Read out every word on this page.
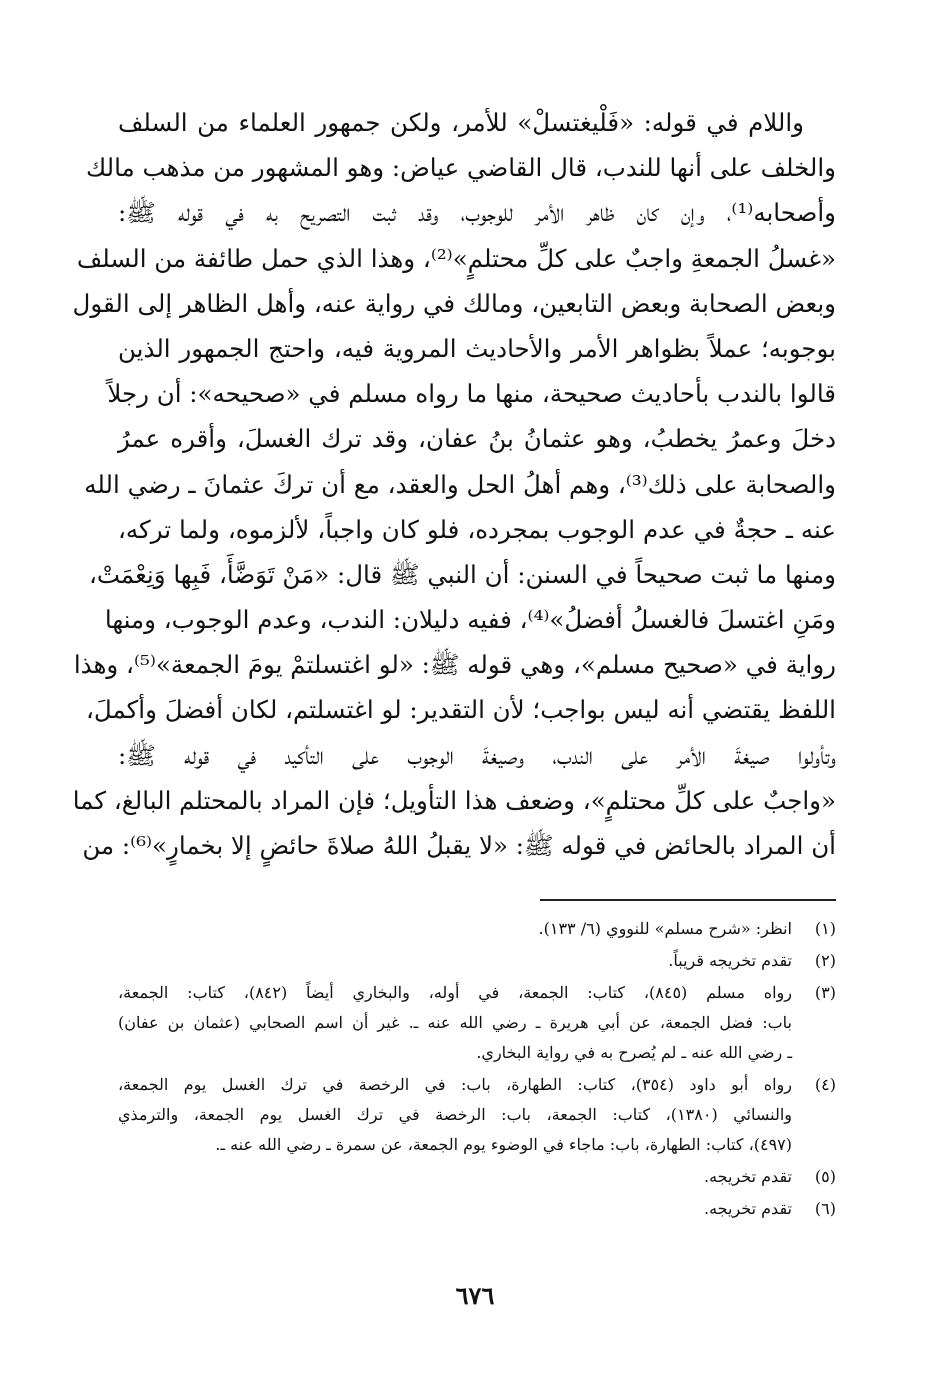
واللام في قوله: «فَلْيغتسلْ» للأمر، ولكن جمهور العلماء من السلف
والخلف على أنها للندب، قال القاضي عياض: وهو المشهور من مذهب مالك
وأصحابه⁽¹⁾، وإن كان ظاهر الأمر للوجوب، وقد ثبت التصريح به في قوله ﷺ:
«غسلُ الجمعةِ واجبٌ على كلِّ محتلمٍ»⁽²⁾، وهذا الذي حمل طائفة من السلف
وبعض الصحابة وبعض التابعين، ومالك في رواية عنه، وأهل الظاهر إلى القول
بوجوبه؛ عملاً بظواهر الأمر والأحاديث المروية فيه، واحتج الجمهور الذين
قالوا بالندب بأحاديث صحيحة، منها ما رواه مسلم في «صحيحه»: أن رجلاً
دخلَ وعمرُ يخطبُ، وهو عثمانُ بنُ عفان، وقد ترك الغسلَ، وأقره عمرُ
والصحابة على ذلك⁽³⁾، وهم أهلُ الحل والعقد، مع أن تركَ عثمانَ ـ رضي الله
عنه ـ حجةٌ في عدم الوجوب بمجرده، فلو كان واجباً، لألزموه، ولما تركه،
ومنها ما ثبت صحيحاً في السنن: أن النبي ﷺ قال: «مَنْ تَوَضَّأَ، فَبِها وَنِعْمَتْ،
ومَنِ اغتسلَ فالغسلُ أفضلُ»⁽⁴⁾، ففيه دليلان: الندب، وعدم الوجوب، ومنها
رواية في «صحيح مسلم»، وهي قوله ﷺ: «لو اغتسلتمْ يومَ الجمعة»⁽⁵⁾، وهذا
اللفظ يقتضي أنه ليس بواجب؛ لأن التقدير: لو اغتسلتم، لكان أفضلَ وأكملَ،
وتأولوا صيغةَ الأمر على الندب، وصيغةَ الوجوب على التأكيد في قوله ﷺ:
«واجبٌ على كلِّ محتلمٍ»، وضعف هذا التأويل؛ فإن المراد بالمحتلم البالغ، كما
أن المراد بالحائض في قوله ﷺ: «لا يقبلُ اللهُ صلاةَ حائضٍ إلا بخمارٍ»⁽⁶⁾: من
(١)
انظر: «شرح مسلم» للنووي (٦/ ١٣٣).
(٢)
تقدم تخريجه قريباً.
(٣)
رواه مسلم (٨٤٥)، كتاب: الجمعة، في أوله، والبخاري أيضاً (٨٤٢)، كتاب: الجمعة،
باب: فضل الجمعة، عن أبي هريرة ـ رضي الله عنه ـ. غير أن اسم الصحابي (عثمان بن عفان)
ـ رضي الله عنه ـ لم يُصرح به في رواية البخاري.
(٤)
رواه أبو داود (٣٥٤)، كتاب: الطهارة، باب: في الرخصة في ترك الغسل يوم الجمعة،
والنسائي (١٣٨٠)، كتاب: الجمعة، باب: الرخصة في ترك الغسل يوم الجمعة، والترمذي
(٤٩٧)، كتاب: الطهارة، باب: ماجاء في الوضوء يوم الجمعة، عن سمرة ـ رضي الله عنه ـ.
(٥)
تقدم تخريجه.
(٦)
تقدم تخريجه.
٦٧٦
